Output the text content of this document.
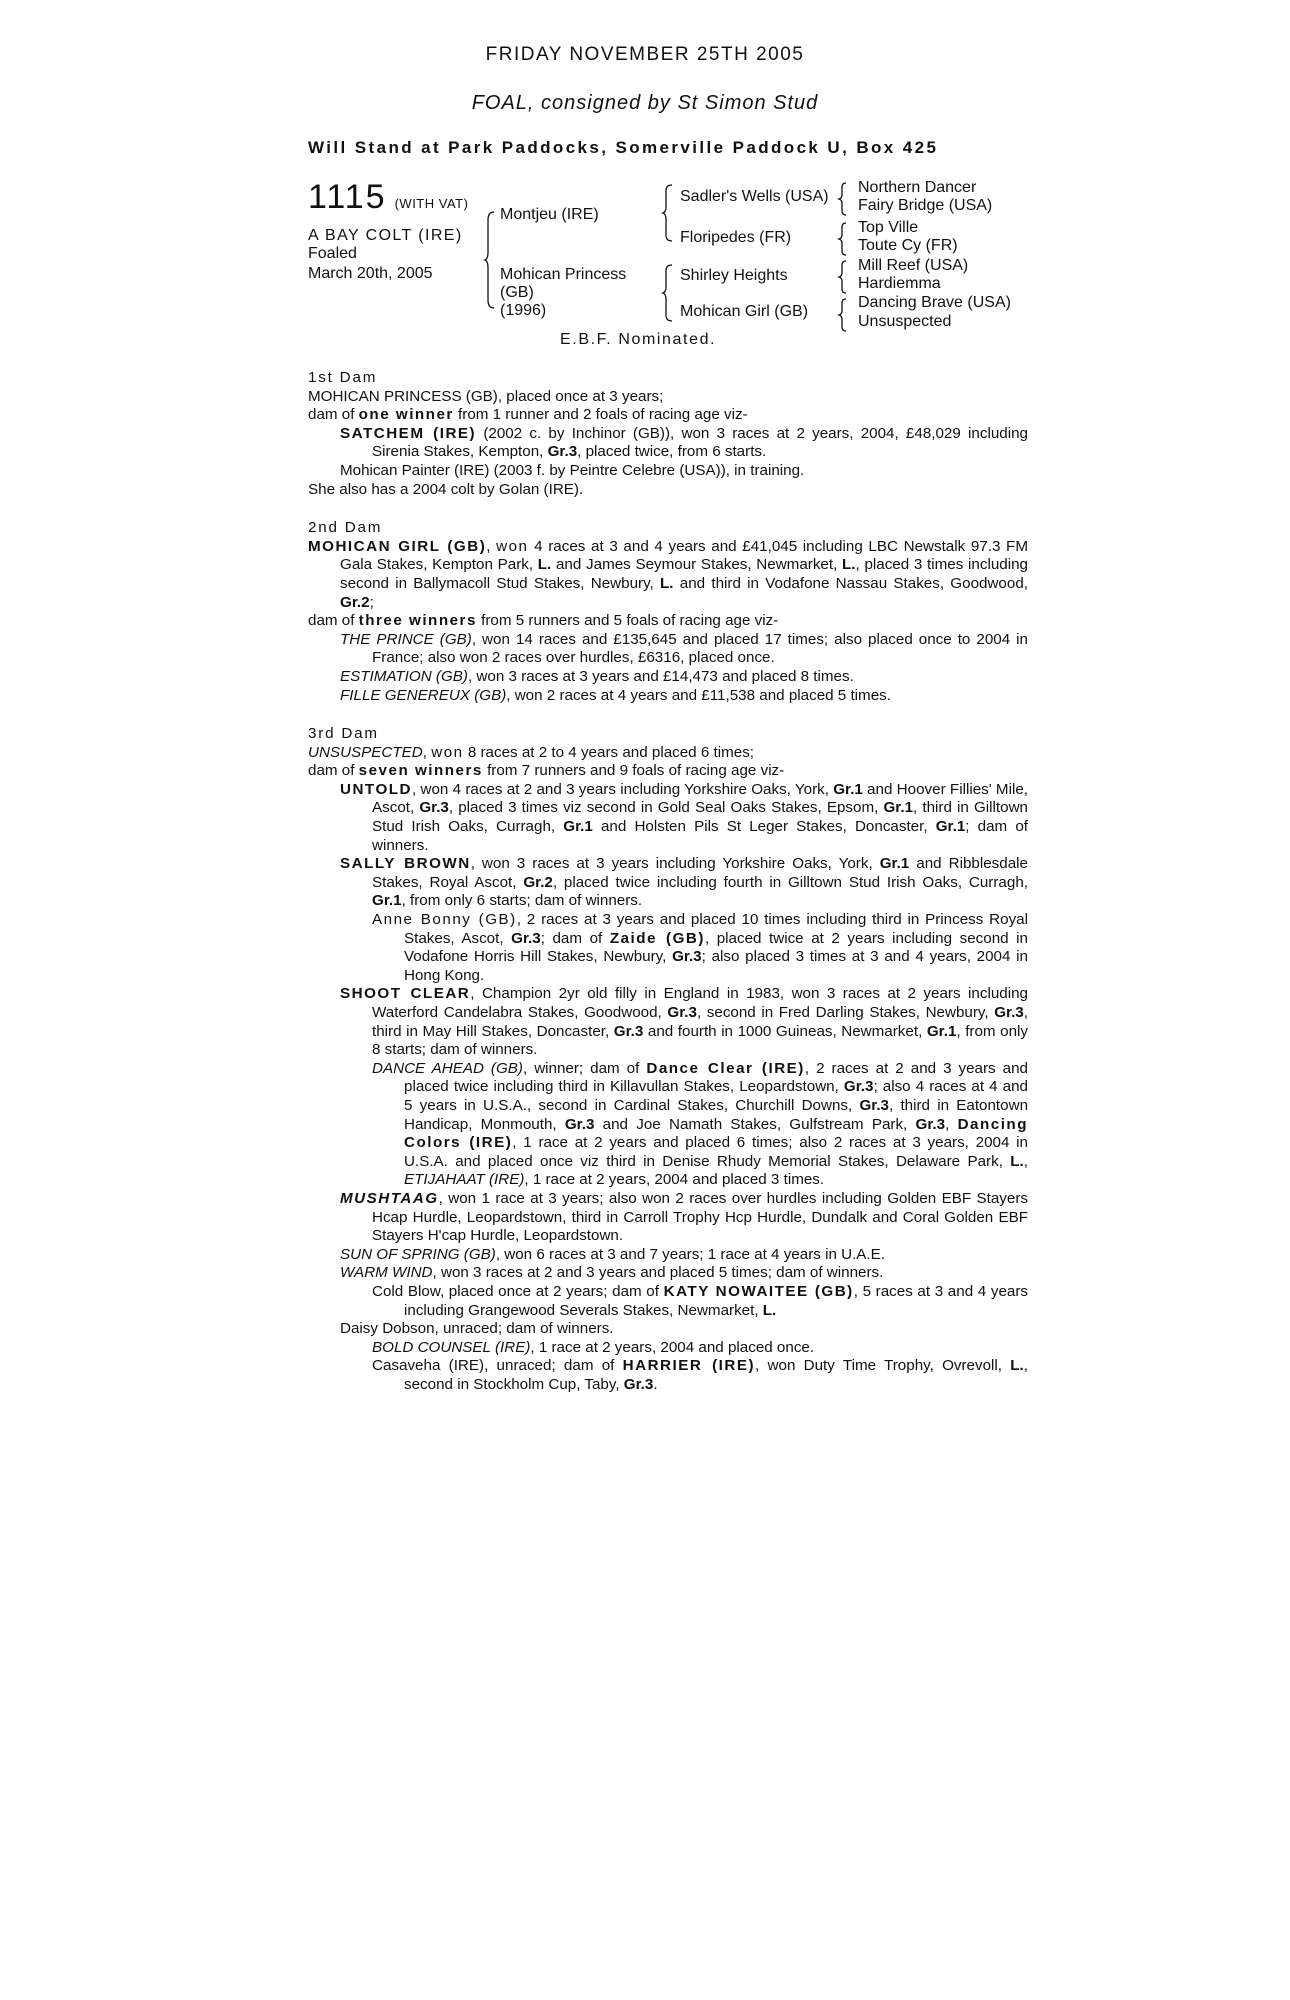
FRIDAY NOVEMBER 25TH 2005
FOAL, consigned by St Simon Stud
Will Stand at Park Paddocks, Somerville Paddock U, Box 425
1115 (WITH VAT)
A BAY COLT (IRE)
Foaled
March 20th, 2005
Montjeu (IRE)
Mohican Princess
(GB)
(1996)
Sadler's Wells (USA)
Floripedes (FR)
Shirley Heights
Mohican Girl (GB)
Northern Dancer
Fairy Bridge (USA)
Top Ville
Toute Cy (FR)
Mill Reef (USA)
Hardiemma
Dancing Brave (USA)
Unsuspected
E.B.F. Nominated.

1st Dam

MOHICAN PRINCESS (GB), placed once at 3 years;

dam of one winner from 1 runner and 2 foals of racing age viz-

SATCHEM (IRE) (2002 c. by Inchinor (GB)), won 3 races at 2 years, 2004, £48,029 including Sirenia Stakes, Kempton, Gr.3, placed twice, from 6 starts.

Mohican Painter (IRE) (2003 f. by Peintre Celebre (USA)), in training.

She also has a 2004 colt by Golan (IRE).

2nd Dam

MOHICAN GIRL (GB), won 4 races at 3 and 4 years and £41,045 including LBC Newstalk 97.3 FM Gala Stakes, Kempton Park, L. and James Seymour Stakes, Newmarket, L., placed 3 times including second in Ballymacoll Stud Stakes, Newbury, L. and third in Vodafone Nassau Stakes, Goodwood, Gr.2;

dam of three winners from 5 runners and 5 foals of racing age viz-

THE PRINCE (GB), won 14 races and £135,645 and placed 17 times; also placed once to 2004 in France; also won 2 races over hurdles, £6316, placed once.

ESTIMATION (GB), won 3 races at 3 years and £14,473 and placed 8 times.

FILLE GENEREUX (GB), won 2 races at 4 years and £11,538 and placed 5 times.

3rd Dam

UNSUSPECTED, won 8 races at 2 to 4 years and placed 6 times;

dam of seven winners from 7 runners and 9 foals of racing age viz-

UNTOLD, won 4 races at 2 and 3 years including Yorkshire Oaks, York, Gr.1 and Hoover Fillies' Mile, Ascot, Gr.3, placed 3 times viz second in Gold Seal Oaks Stakes, Epsom, Gr.1, third in Gilltown Stud Irish Oaks, Curragh, Gr.1 and Holsten Pils St Leger Stakes, Doncaster, Gr.1; dam of winners.

SALLY BROWN, won 3 races at 3 years including Yorkshire Oaks, York, Gr.1 and Ribblesdale Stakes, Royal Ascot, Gr.2, placed twice including fourth in Gilltown Stud Irish Oaks, Curragh, Gr.1, from only 6 starts; dam of winners.

Anne Bonny (GB), 2 races at 3 years and placed 10 times including third in Princess Royal Stakes, Ascot, Gr.3; dam of Zaide (GB), placed twice at 2 years including second in Vodafone Horris Hill Stakes, Newbury, Gr.3; also placed 3 times at 3 and 4 years, 2004 in Hong Kong.

SHOOT CLEAR, Champion 2yr old filly in England in 1983, won 3 races at 2 years including Waterford Candelabra Stakes, Goodwood, Gr.3, second in Fred Darling Stakes, Newbury, Gr.3, third in May Hill Stakes, Doncaster, Gr.3 and fourth in 1000 Guineas, Newmarket, Gr.1, from only 8 starts; dam of winners.

DANCE AHEAD (GB), winner; dam of Dance Clear (IRE), 2 races at 2 and 3 years and placed twice including third in Killavullan Stakes, Leopardstown, Gr.3; also 4 races at 4 and 5 years in U.S.A., second in Cardinal Stakes, Churchill Downs, Gr.3, third in Eatontown Handicap, Monmouth, Gr.3 and Joe Namath Stakes, Gulfstream Park, Gr.3, Dancing Colors (IRE), 1 race at 2 years and placed 6 times; also 2 races at 3 years, 2004 in U.S.A. and placed once viz third in Denise Rhudy Memorial Stakes, Delaware Park, L., ETIJAHAAT (IRE), 1 race at 2 years, 2004 and placed 3 times.

MUSHTAAG, won 1 race at 3 years; also won 2 races over hurdles including Golden EBF Stayers Hcap Hurdle, Leopardstown, third in Carroll Trophy Hcp Hurdle, Dundalk and Coral Golden EBF Stayers H'cap Hurdle, Leopardstown.

SUN OF SPRING (GB), won 6 races at 3 and 7 years; 1 race at 4 years in U.A.E.

WARM WIND, won 3 races at 2 and 3 years and placed 5 times; dam of winners.

Cold Blow, placed once at 2 years; dam of KATY NOWAITEE (GB), 5 races at 3 and 4 years including Grangewood Severals Stakes, Newmarket, L.

Daisy Dobson, unraced; dam of winners.

BOLD COUNSEL (IRE), 1 race at 2 years, 2004 and placed once.

Casaveha (IRE), unraced; dam of HARRIER (IRE), won Duty Time Trophy, Ovrevoll, L., second in Stockholm Cup, Taby, Gr.3.
